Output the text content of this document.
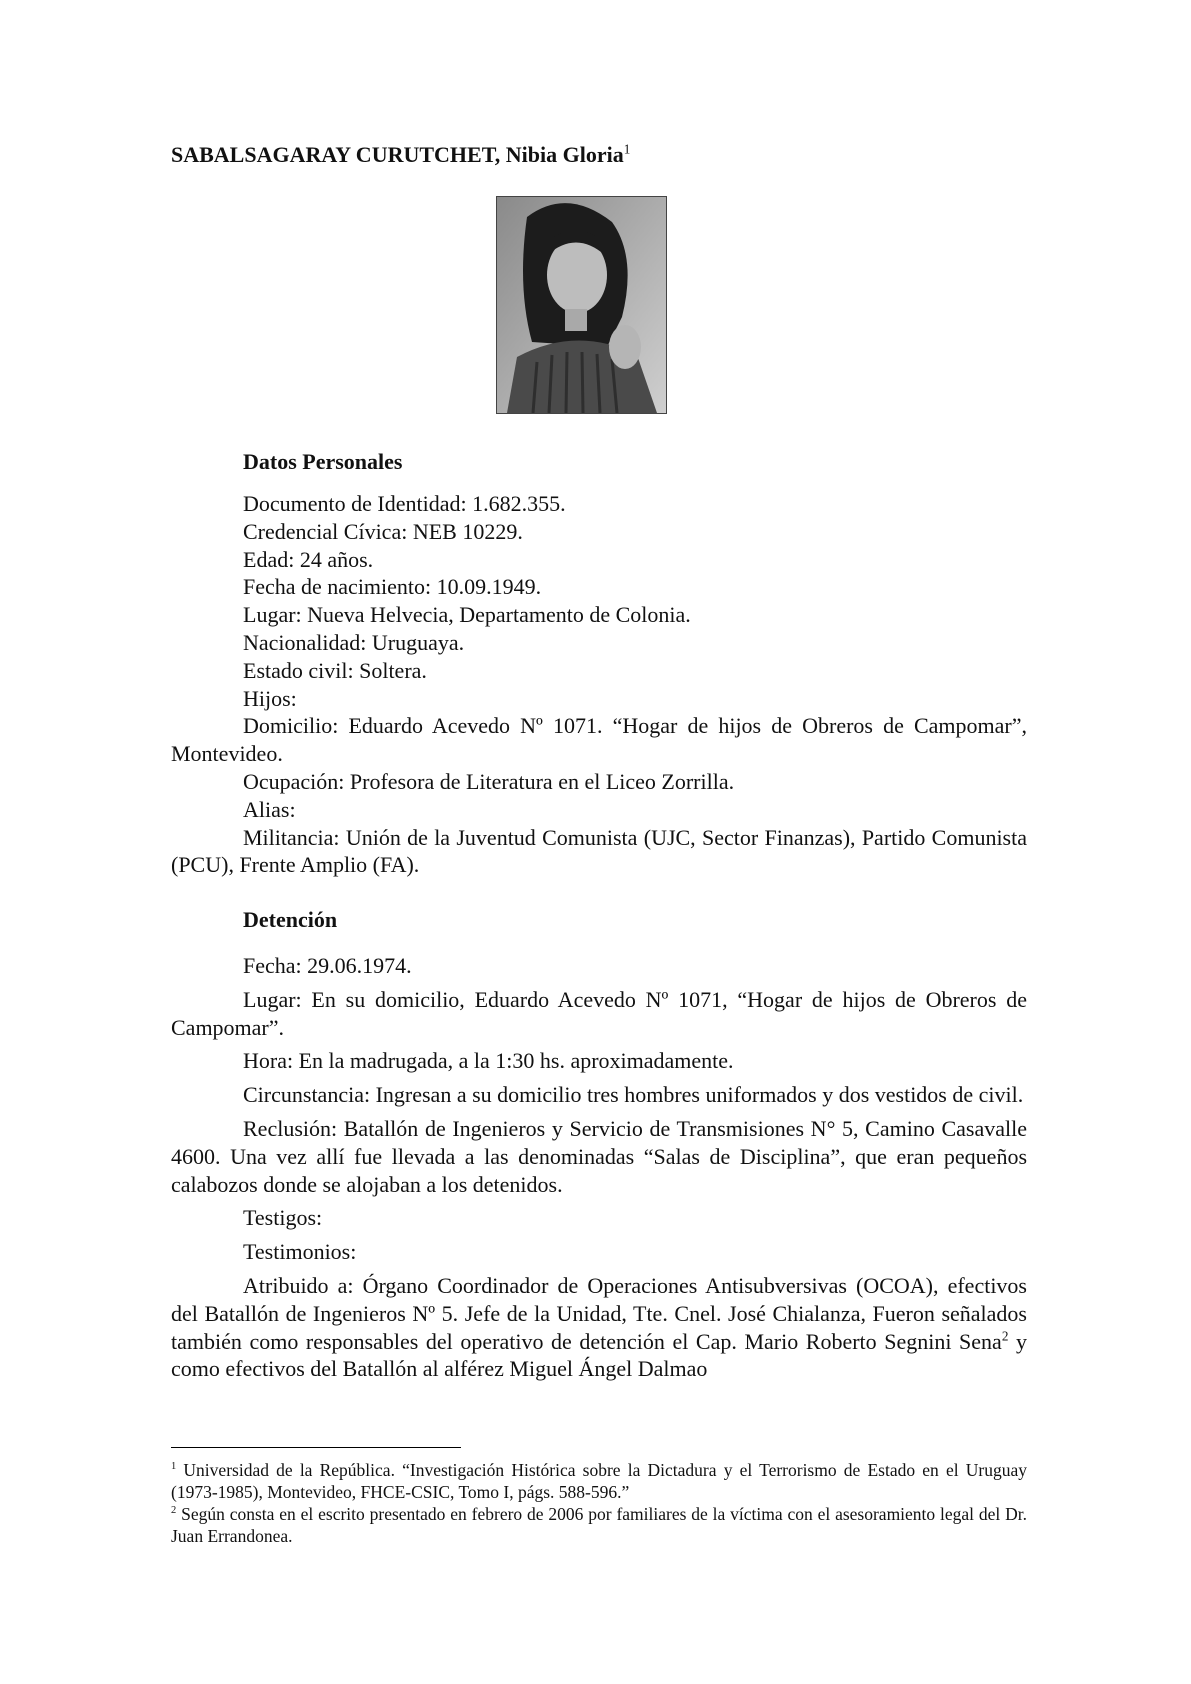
SABALSAGARAY CURUTCHET, Nibia Gloria$^1$
Datos Personales

Documento de Identidad: 1.682.355.

Credencial Cívica: NEB 10229.

Edad: 24 años.

Fecha de nacimiento: 10.09.1949.

Lugar: Nueva Helvecia, Departamento de Colonia.

Nacionalidad: Uruguaya.

Estado civil: Soltera.

Hijos:

Domicilio: Eduardo Acevedo Nº 1071. “Hogar de hijos de Obreros de Campomar”, Montevideo.

Ocupación: Profesora de Literatura en el Liceo Zorrilla.

Alias:

Militancia: Unión de la Juventud Comunista (UJC, Sector Finanzas), Partido Comunista (PCU), Frente Amplio (FA).

Detención

Fecha: 29.06.1974.

Lugar: En su domicilio, Eduardo Acevedo Nº 1071, “Hogar de hijos de Obreros de Campomar”.

Hora: En la madrugada, a la 1:30 hs. aproximadamente.

Circunstancia: Ingresan a su domicilio tres hombres uniformados y dos vestidos de civil.

Reclusión: Batallón de Ingenieros y Servicio de Transmisiones N° 5, Camino Casavalle 4600. Una vez allí fue llevada a las denominadas “Salas de Disciplina”, que eran pequeños calabozos donde se alojaban a los detenidos.

Testigos:

Testimonios:

Atribuido a: Órgano Coordinador de Operaciones Antisubversivas (OCOA), efectivos del Batallón de Ingenieros Nº 5. Jefe de la Unidad, Tte. Cnel. José Chialanza, Fueron señalados también como responsables del operativo de detención el Cap. Mario Roberto Segnini Sena$^2$ y como efectivos del Batallón al alférez Miguel Ángel Dalmao

$^1$ Universidad de la República. “Investigación Histórica sobre la Dictadura y el Terrorismo de Estado en el Uruguay (1973-1985), Montevideo, FHCE-CSIC, Tomo I, págs. 588-596.”

$^2$ Según consta en el escrito presentado en febrero de 2006 por familiares de la víctima con el asesoramiento legal del Dr. Juan Errandonea.
